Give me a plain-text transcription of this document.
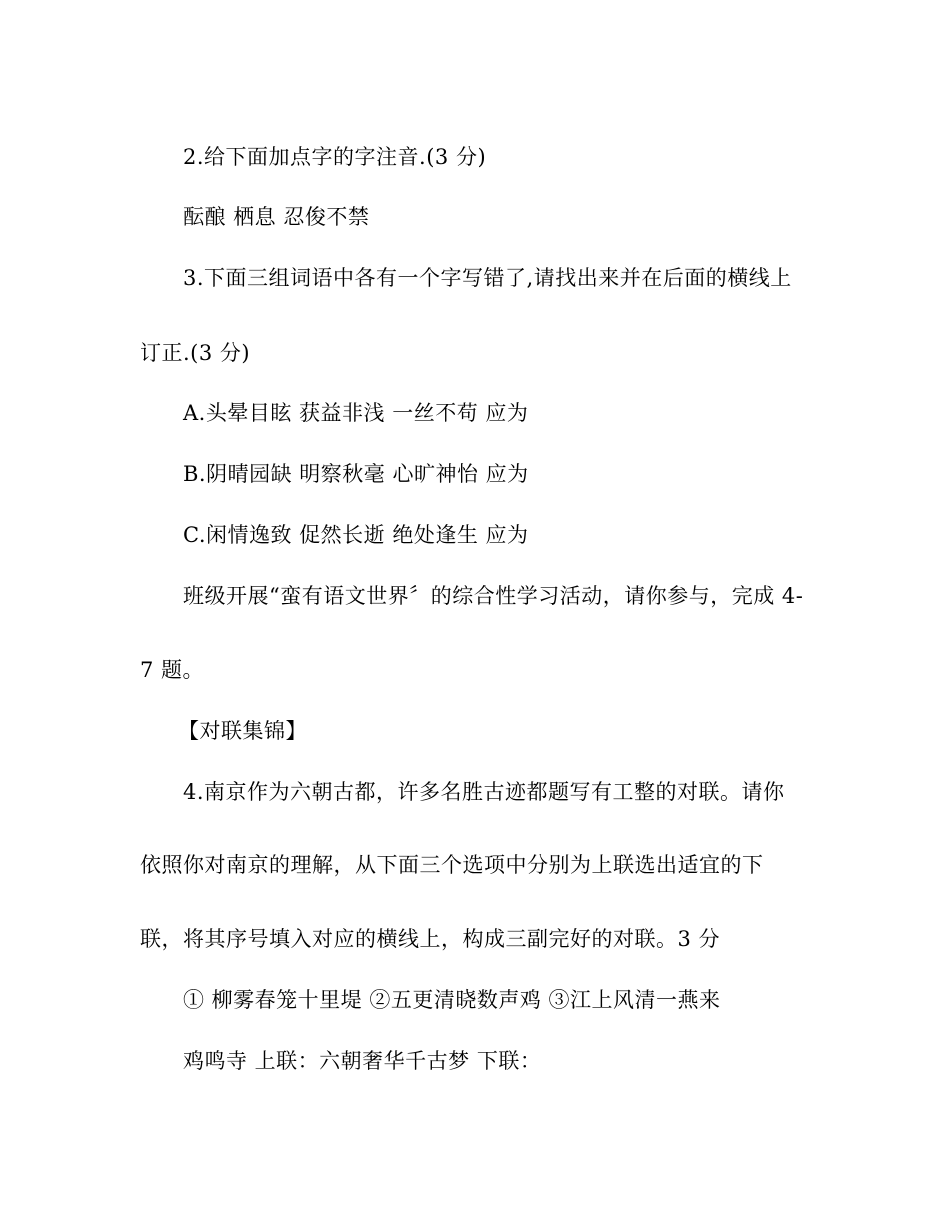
2.给下面加点字的字注音.(3 分)

酝酿 栖息 忍俊不禁

3.下面三组词语中各有一个字写错了,请找出来并在后面的横线上

订正.(3 分)

A.头晕目眩 获益非浅 一丝不苟 应为

B.阴晴园缺 明察秋毫 心旷神怡 应为

C.闲情逸致 促然长逝 绝处逢生 应为

班级开展“蛮有语文世界〞的综合性学习活动，请你参与，完成 4-

7 题。

【对联集锦】

4.南京作为六朝古都，许多名胜古迹都题写有工整的对联。请你

依照你对南京的理解，从下面三个选项中分别为上联选出适宜的下

联，将其序号填入对应的横线上，构成三副完好的对联。3 分

① 柳雾春笼十里堤 ②五更清晓数声鸡 ③江上风清一燕来

鸡鸣寺 上联：六朝奢华千古梦 下联：
